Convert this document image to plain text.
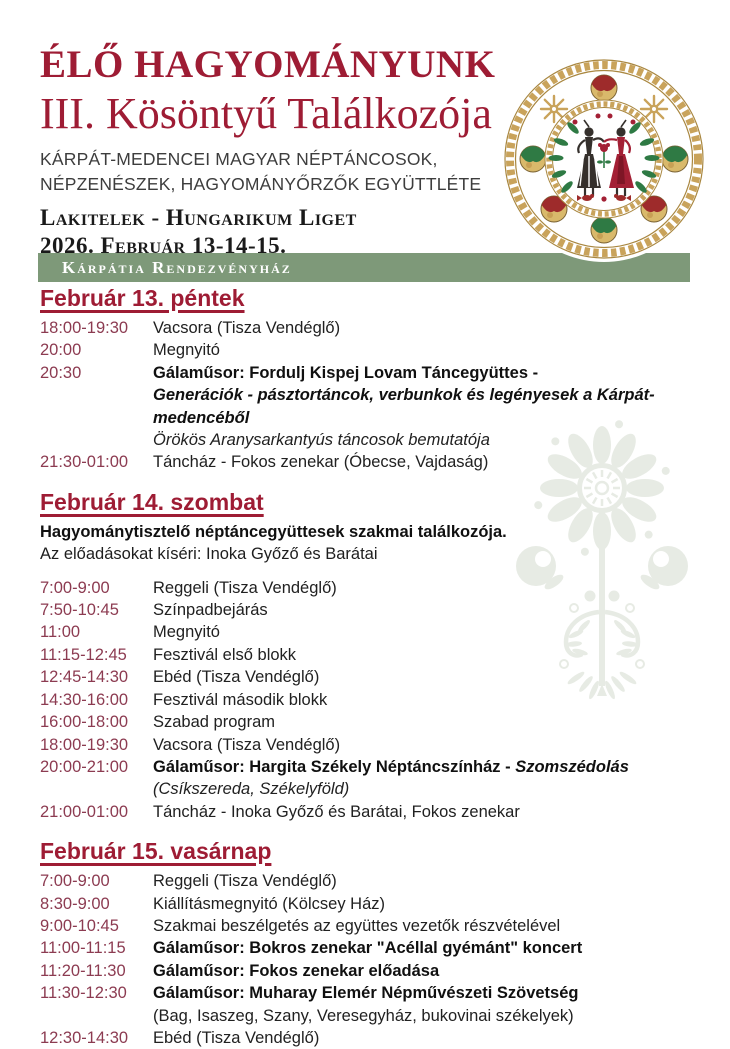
ÉLŐ HAGYOMÁNYUNK
III. Kösöntyű Találkozója
KÁRPÁT-MEDENCEI MAGYAR NÉPTÁNCOSOK,
NÉPZENÉSZEK, HAGYOMÁNYŐRZŐK EGYÜTTLÉTE
Lakitelek - Hungarikum Liget
2026. Február 13-14-15.
Kárpátia Rendezvényház
Február 13. péntek
18:00-19:30	Vacsora (Tisza Vendéglő)
20:00	Megnyitó
20:30	Gálaműsor: Fordulj Kispej Lovam Táncegyüttes -
Generációk - pásztortáncok, verbunkok és legényesek a Kárpát-medencéből
Örökös Aranysarkantyús táncosok bemutatója
21:30-01:00	Táncház - Fokos zenekar (Óbecse, Vajdaság)
Február 14. szombat

Hagyománytisztelő néptáncegyüttesek szakmai találkozója.

Az előadásokat kíséri: Inoka Győző és Barátai

7:00-9:00	Reggeli (Tisza Vendéglő)
7:50-10:45	Színpadbejárás
11:00	Megnyitó
11:15-12:45	Fesztivál első blokk
12:45-14:30	Ebéd (Tisza Vendéglő)
14:30-16:00	Fesztivál második blokk
16:00-18:00	Szabad program
18:00-19:30	Vacsora (Tisza Vendéglő)
20:00-21:00	Gálaműsor: Hargita Székely Néptáncszínház - Szomszédolás
(Csíkszereda, Székelyföld)
21:00-01:00	Táncház - Inoka Győző és Barátai, Fokos zenekar
Február 15. vasárnap
7:00-9:00	Reggeli (Tisza Vendéglő)
8:30-9:00	Kiállításmegnyitó (Kölcsey Ház)
9:00-10:45	Szakmai beszélgetés az együttes vezetők részvételével
11:00-11:15	Gálaműsor: Bokros zenekar "Acéllal gyémánt" koncert
11:20-11:30	Gálaműsor: Fokos zenekar előadása
11:30-12:30	Gálaműsor: Muharay Elemér Népművészeti Szövetség
(Bag, Isaszeg, Szany, Veresegyház, bukovinai székelyek)
12:30-14:30	Ebéd (Tisza Vendéglő)
